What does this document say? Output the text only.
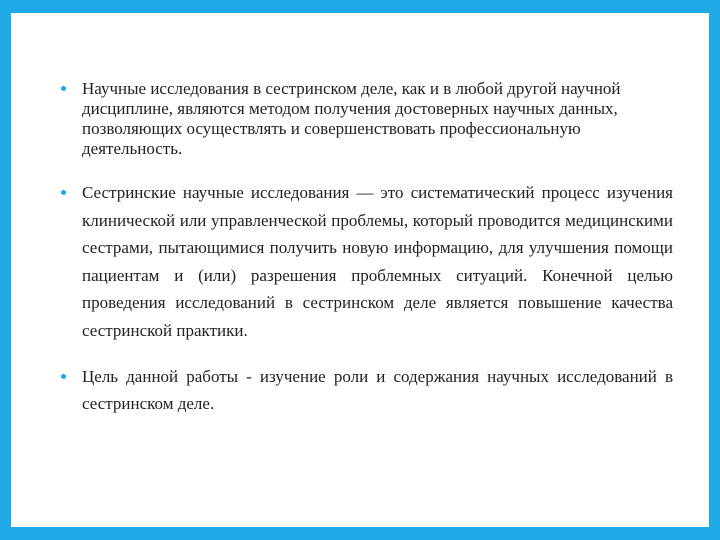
Научные исследования в сестринском деле, как и в любой другой научной дисциплине, являются методом получения достоверных научных данных, позволяющих осуществлять и совершенствовать профессиональную деятельность.
Сестринские научные исследования — это систематический процесс изучения клинической или управленческой проблемы, который проводится медицинскими сестрами, пытающимися получить новую информацию, для улучшения помощи пациентам и (или) разрешения проблемных ситуаций. Конечной целью проведения исследований в сестринском деле является повышение качества сестринской практики.
Цель данной работы - изучение роли и содержания научных исследований в сестринском деле.
